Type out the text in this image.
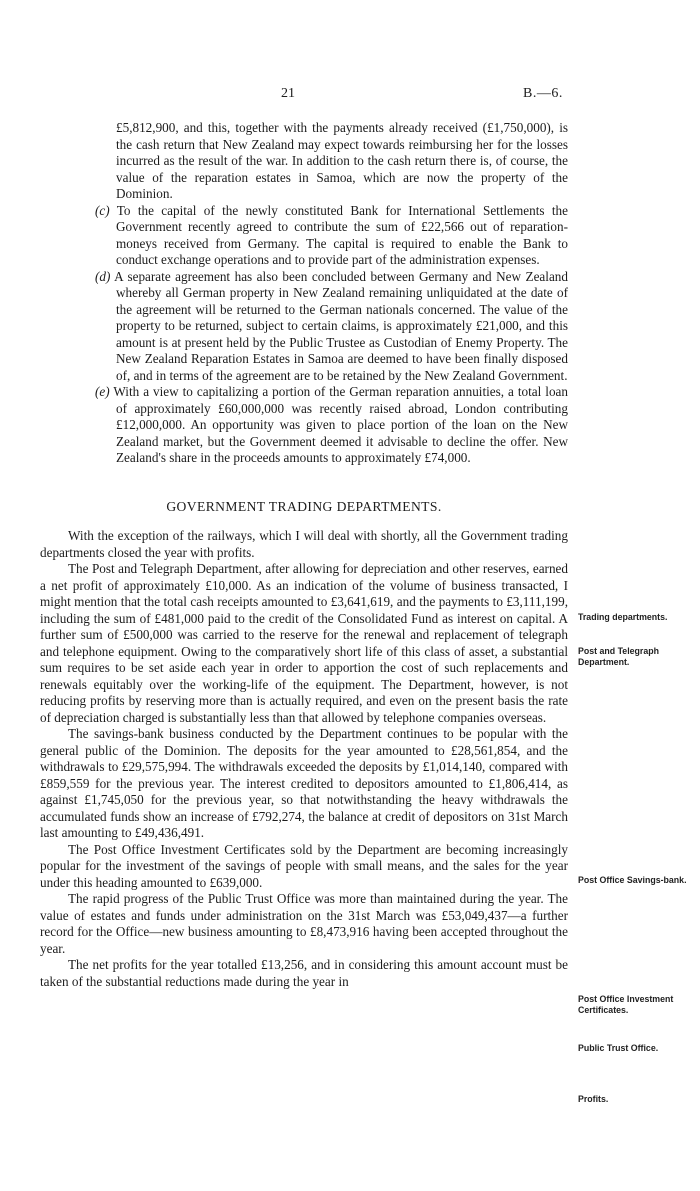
21	B.—6.

£5,812,900, and this, together with the payments already received (£1,750,000), is the cash return that New Zealand may expect towards reimbursing her for the losses incurred as the result of the war. In addition to the cash return there is, of course, the value of the reparation estates in Samoa, which are now the property of the Dominion.

(c) To the capital of the newly constituted Bank for International Settlements the Government recently agreed to contribute the sum of £22,566 out of reparation-moneys received from Germany. The capital is required to enable the Bank to conduct exchange operations and to provide part of the administration expenses.

(d) A separate agreement has also been concluded between Germany and New Zealand whereby all German property in New Zealand remaining unliquidated at the date of the agreement will be returned to the German nationals concerned. The value of the property to be returned, subject to certain claims, is approximately £21,000, and this amount is at present held by the Public Trustee as Custodian of Enemy Property. The New Zealand Reparation Estates in Samoa are deemed to have been finally disposed of, and in terms of the agreement are to be retained by the New Zealand Government.

(e) With a view to capitalizing a portion of the German reparation annuities, a total loan of approximately £60,000,000 was recently raised abroad, London contributing £12,000,000. An opportunity was given to place portion of the loan on the New Zealand market, but the Government deemed it advisable to decline the offer. New Zealand's share in the proceeds amounts to approximately £74,000.

GOVERNMENT TRADING DEPARTMENTS.

With the exception of the railways, which I will deal with shortly, all the Government trading departments closed the year with profits.

The Post and Telegraph Department, after allowing for depreciation and other reserves, earned a net profit of approximately £10,000. As an indication of the volume of business transacted, I might mention that the total cash receipts amounted to £3,641,619, and the payments to £3,111,199, including the sum of £481,000 paid to the credit of the Consolidated Fund as interest on capital. A further sum of £500,000 was carried to the reserve for the renewal and replacement of telegraph and telephone equipment. Owing to the comparatively short life of this class of asset, a substantial sum requires to be set aside each year in order to apportion the cost of such replacements and renewals equitably over the working-life of the equipment. The Department, however, is not reducing profits by reserving more than is actually required, and even on the present basis the rate of depreciation charged is substantially less than that allowed by telephone companies overseas.

The savings-bank business conducted by the Department continues to be popular with the general public of the Dominion. The deposits for the year amounted to £28,561,854, and the withdrawals to £29,575,994. The withdrawals exceeded the deposits by £1,014,140, compared with £859,559 for the previous year. The interest credited to depositors amounted to £1,806,414, as against £1,745,050 for the previous year, so that notwithstanding the heavy withdrawals the accumulated funds show an increase of £792,274, the balance at credit of depositors on 31st March last amounting to £49,436,491.

The Post Office Investment Certificates sold by the Department are becoming increasingly popular for the investment of the savings of people with small means, and the sales for the year under this heading amounted to £639,000.

The rapid progress of the Public Trust Office was more than maintained during the year. The value of estates and funds under administration on the 31st March was £53,049,437—a further record for the Office—new business amounting to £8,473,916 having been accepted throughout the year.

The net profits for the year totalled £13,256, and in considering this amount account must be taken of the substantial reductions made during the year in

Trading departments.
Post and Telegraph Department.
Post Office Savings-bank.
Post Office Investment Certificates.
Public Trust Office.
Profits.
